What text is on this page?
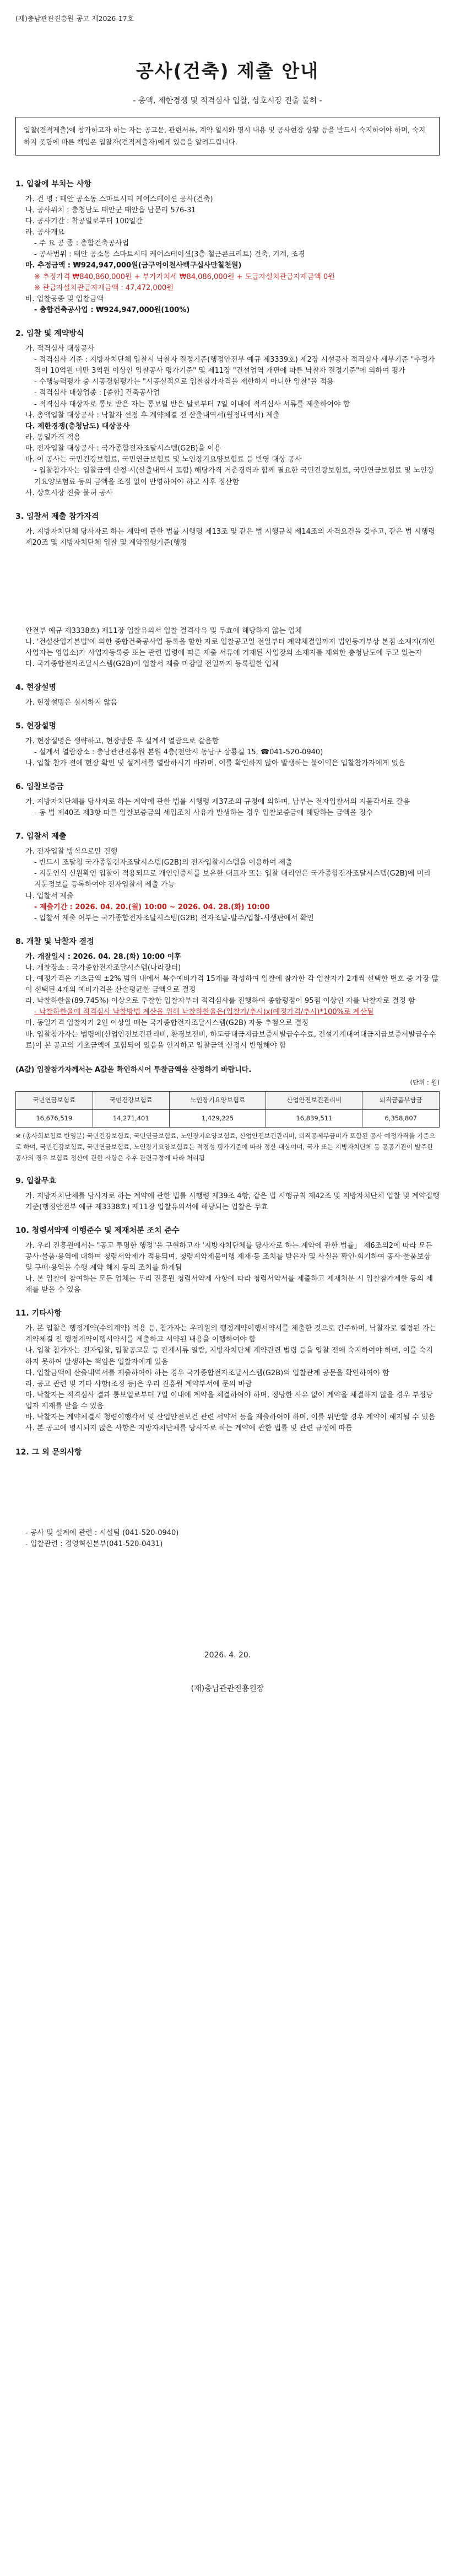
(재)충남관관진흥원 공고 제2026-17호
공사(건축) 제출 안내
- 총액, 제한경쟁 및 적격심사 입찰, 상호시장 진출 불허 -
입찰(견적제출)에 참가하고자 하는 자는 공고문, 관련서류, 계약 일시와 명시 내용 및 공사현장 상황 등을 반드시 숙지하여야 하며, 숙지하지 못함에 따른 책임은 입찰자(견적제출자)에게 있음을 알려드립니다.
1. 입찰에 부치는 사항
가. 건 명 : 태안 공소동 스마트시티 케어스테이션 공사(건축)
나. 공사위치 : 충청남도 태안군 태안읍 남문리 576-31
다. 공사기간 : 착공일로부터 100일간
라. 공사개요
- 주 요 공 종 : 총합건축공사업
- 공사범위 : 태안 공소동 스마트시티 케어스테이션(3층 철근콘크리트) 건축, 기계, 조경
마. 추정금액 : ₩924,947,000원(금구억이천사백구십사만칠천원)
※ 추정가격 ₩840,860,000원 + 부가가치세 ₩84,086,000원 + 도급자설치관급자재금액 0원
※ 관급자설치관급자재금액 : 47,472,000원
바. 입찰공종 및 입찰금액
- 총합건축공사업 : ₩924,947,000원(100%)
2. 입찰 및 계약방식
가. 적격심사 대상공사
- 적격심사 기준 : 지방자치단체 입찰시 낙찰자 결정기준(행정안전부 예규 제3339호) 제2장 시설공사 적격심사 세부기준 "추정가격이 10억원 미만 3억원 이상인 입찰공사 평가기준" 및 제11장 "건설업역 개편에 따른 낙찰자 결정기준"에 의하여 평가
- 수행능력평가 중 시공경험평가는 "시공실적으로 입찰참가자격을 제한하지 아니한 입찰"을 적용
- 적격심사 대상업종 : [종합] 건축공사업
- 적격심사 대상자로 통보 받은 자는 통보일 받은 날로부터 7일 이내에 적격심사 서류를 제출하여야 함
나. 총액입찰 대상공사 : 낙찰자 선정 후 계약체결 전 산출내역서(월정내역서) 제출
다. 제한경쟁(충청남도) 대상공사
라. 동일가격 적용
마. 전자입찰 대상공사 : 국가종합전자조달시스템(G2B)을 이용
바. 이 공사는 국민건강보험료, 국민연금보험료 및 노인장기요양보험료 등 반영 대상 공사
- 입찰참가자는 입찰금액 산정 시(산출내역서 포함) 해당가격 거춘경력과 함께 필요한 국민건강보험료, 국민연금보험료 및 노인장기요양보험료 등의 금액을 조정 없이 반영하여야 하고 사후 정산함
사. 상호시장 진출 불허 공사
3. 입찰서 제출 참가자격
가. 지방자치단체 당사자로 하는 계약에 관한 법률 시행령 제13조 및 같은 법 시행규칙 제14조의 자격요건을 갖추고, 같은 법 시행령 제20조 및 지방자치단체 입찰 및 계약집행기준(행정
안전부 예규 제3338호) 제11장 입찰유의서 입찰 결격사유 및 무효에 해당하지 않는 업체
나. '건설산업기본법'에 의한 종합건축공사업 등록을 할한 자로 입찰공고일 전일부터 계약체결일까지 법인등기부상 본점 소재지(개인사업자는 영업소)가 사업자등록증 또는 관련 법령에 따른 제출 서류에 기재된 사업장의 소재지를 제외한 충청남도에 두고 있는자
다. 국가종합전자조달시스템(G2B)에 입찰서 제출 마감일 전일까지 등록필한 업체
4. 현장설명
가. 현장설명은 실시하지 않음
5. 현장설명
가. 현장설명은 생략하고, 현장방문 후 설계서 열람으로 갈음함
- 설계서 열람장소 : 충남관관진흥원 본원 4층(천안시 동남구 삼룡길 15, ☎041-520-0940)
나. 입찰 참가 전에 현장 확인 및 설계서를 열람하시기 바라며, 이를 확인하지 않아 발생하는 불이익은 입찰참가자에게 있음
6. 입찰보증금
가. 지방자치단체를 당사자로 하는 계약에 관한 법률 시행령 제37조의 규정에 의하며, 납부는 전자입찰서의 지불각서로 갈음
- 동 법 제40조 제3항 따른 입찰보증금의 세입조치 사유가 발생하는 경우 입찰보증금에 해당하는 금액을 징수
7. 입찰서 제출
가. 전자입찰 방식으로만 진행
- 반드시 조달청 국가종합전자조달시스템(G2B)의 전자입찰시스템을 이용하여 제출
- 지문인식 신원확인 입찰이 적용되므로 개인인증서를 보유한 대표자 또는 입찰 대리인은 국가종합전자조달시스템(G2B)에 미리 지문정보를 등록하여야 전자입찰서 제출 가능
나. 입찰서 제출
- 제출기간 : 2026. 04. 20.(월) 10:00 ~ 2026. 04. 28.(화) 10:00
- 입찰서 제출 여부는 국가종합전자조달시스템(G2B) 전자조달-발주/입찰-시생판에서 확인
8. 개찰 및 낙찰자 결정
가. 개찰일시 : 2026. 04. 28.(화) 10:00 이후
나. 개찰장소 : 국가종합전자조달시스템(나라장터)
다. 예정가격은 기초금액 ±2% 범위 내에서 복수예비가격 15개를 작성하여 입찰에 참가한 각 입찰자가 2개씩 선택한 번호 중 가장 많이 선택된 4개의 예비가격을 산술평균한 금액으로 결정
라. 낙찰하한율(89.745%) 이상으로 투찰한 입찰자부터 적격심사를 진행하여 종합평점이 95점 이상인 자를 낙찰자로 결정 함
- 낙찰하한율에 적격심사 낙찰방법 계산을 위해 낙찰하한율은(입찰가/추시)x(예정가격/추시)*100%로 계산됨
마. 동일가격 입찰자가 2인 이상일 때는 국가종합전자조달시스템(G2B) 자동 추첨으로 결정
바. 입찰참가자는 법령에(산업안전보건관리비, 환경보전비, 하도급대금지급보증서발급수수료, 건설기계대여대금지급보증서발급수수료)이 본 공고의 기초금액에 포함되어 있음을 인지하고 입찰금액 산정시 반영해야 함
(A값) 입찰참가자께서는 A값을 확인하시어 투찰금액을 산정하기 바랍니다.
(단위 : 원)
국민연금보험료	국민건강보험료	노인장기요양보험료	산업안전보건관리비	퇴직금품부담금
16,676,519	14,271,401	1,429,225	16,839,511	6,358,807
※ (총사회보험료 반영분) 국민건강보험료, 국민연금보험료, 노인장기요양보험료, 산업안전보건관리비, 퇴직공제부금비가 포함된 공사 예정가격을 기준으로 하며, 국민건강보험료, 국민연금보험료, 노인장기요양보험료는 적정성 평가기준에 따라 정산 대상이며, 국가 또는 지방자치단체 등 공공기관이 발주한 공사의 경우 보험료 정산에 관한 사항은 추후 관련규정에 따라 처리됨
9. 입찰무효
가. 지방자치단체를 당사자로 하는 계약에 관한 법률 시행령 제39조 4항, 같은 법 시행규칙 제42조 및 지방자치단체 입찰 및 계약집행기준(행정안전부 예규 제3338호) 제11장 입찰유의서에 해당되는 입찰은 무효
10. 청렴서약제 이행준수 및 제재처분 조치 준수
가. 우리 진흥원에서는 "공고 투명한 행정"을 구현하고자 '지방자치단체를 당사자로 하는 계약에 관한 법률」 제6조의2에 따라 모든 공사·물품·용역에 대하여 청렴서약제가 적용되며, 청렴계약제불이행 제재·등 조치를 받은자 및 사실을 확인·회기하여 공사·물품보상 및 구매·용역을 수행 계약 해지 등의 조치를 하게됨
나. 본 입찰에 참여하는 모든 업체는 우리 진흥원 청렴서약제 사항에 따라 청렴서약서를 제출하고 제재처분 시 입찰참가제한 등의 제재를 받을 수 있음
11. 기타사항
가. 본 입찰은 행정계약(수의계약) 적용 등, 참가자는 우리원의 행정계약이행서약서를 제출한 것으로 간주하며, 낙찰자로 결정된 자는 계약체결 전 행정계약이행서약서를 제출하고 서약된 내용을 이행하여야 함
나. 입찰 참가자는 전자입찰, 입찰공고문 등 관계서류 열람, 지방자치단체 계약관련 법령 등을 입찰 전에 숙지하여야 하며, 이를 숙지하지 못하여 발생하는 책임은 입찰자에게 있음
다. 입찰금액에 산출내역서를 제출하여야 하는 경우 국가종합전자조달시스템(G2B)의 입찰관계 공문을 확인하여야 함
라. 공고 관련 및 기타 사항(조정 등)은 우리 진흥원 계약부서에 문의 바람
마. 낙찰자는 적격심사 결과 통보일로부터 7일 이내에 계약을 체결하여야 하며, 정당한 사유 없이 계약을 체결하지 않을 경우 부정당업자 제재를 받을 수 있음
바. 낙찰자는 계약체결시 청렴이행각서 및 산업안전보건 관련 서약서 등을 제출하여야 하며, 이를 위반할 경우 계약이 해지될 수 있음
사. 본 공고에 명시되지 않은 사항은 지방자치단체를 당사자로 하는 계약에 관한 법률 및 관련 규정에 따름
12. 그 외 문의사항
- 공사 및 설계에 관련 : 시설팀 (041-520-0940)
- 입찰관련 : 경영혁신본부(041-520-0431)
2026. 4. 20.
(재)충남관관진흥원장
